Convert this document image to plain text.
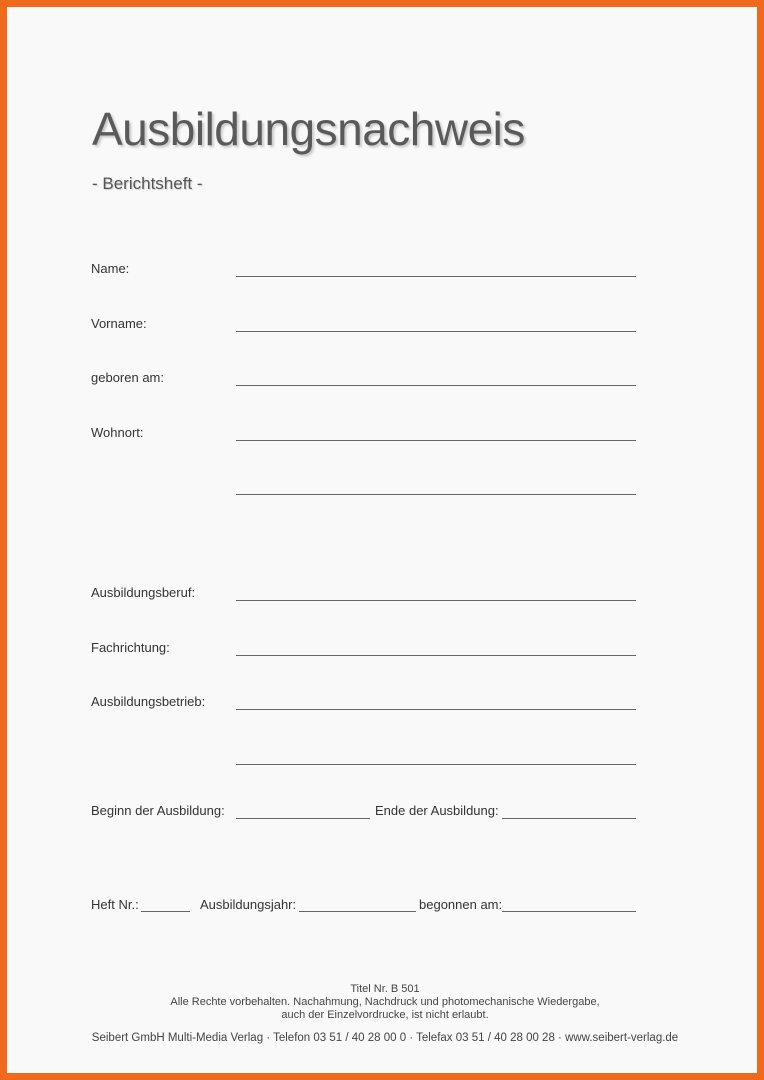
Ausbildungsnachweis
- Berichtsheft -
Name:
Vorname:
geboren am:
Wohnort:
Ausbildungsberuf:
Fachrichtung:
Ausbildungsbetrieb:
Beginn der Ausbildung:	Ende der Ausbildung:
Heft Nr.:	Ausbildungsjahr:	begonnen am:
Titel Nr. B 501
Alle Rechte vorbehalten. Nachahmung, Nachdruck und photomechanische Wiedergabe,
auch der Einzelvordrucke, ist nicht erlaubt.
Seibert GmbH Multi-Media Verlag · Telefon 03 51 / 40 28 00 0 · Telefax 03 51 / 40 28 00 28 · www.seibert-verlag.de
